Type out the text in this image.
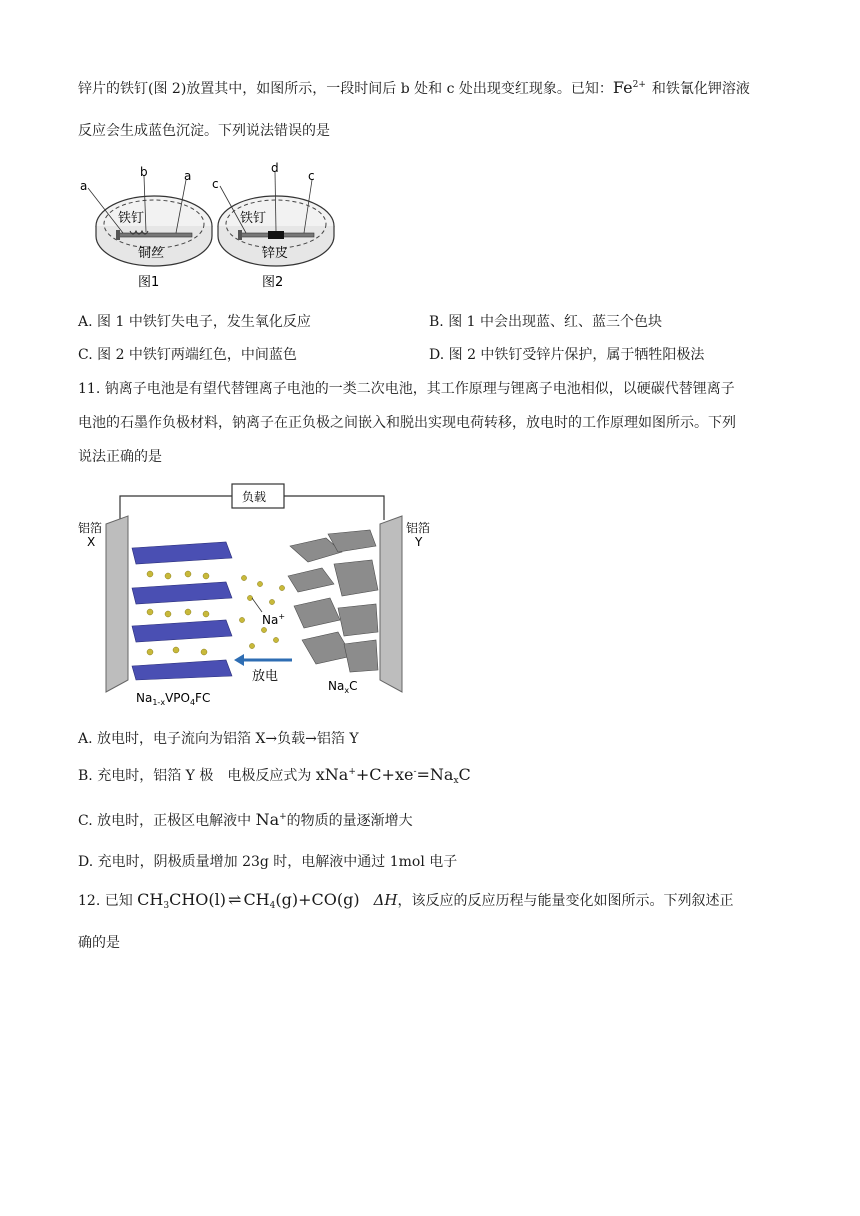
锌片的铁钉(图 2)放置其中，如图所示，一段时间后 b 处和 c 处出现变红现象。已知：$Fe^{2+}$ 和铁氰化钾溶液
反应会生成蓝色沉淀。下列说法错误的是
a
b	a
铁钉
铜丝
图1
c
d
c
铁钉
锌皮
图2
A. 图 1 中铁钉失电子，发生氧化反应	B. 图 1 中会出现蓝、红、蓝三个色块
C. 图 2 中铁钉两端红色，中间蓝色	D. 图 2 中铁钉受锌片保护，属于牺牲阳极法
11. 钠离子电池是有望代替锂离子电池的一类二次电池，其工作原理与锂离子电池相似，以硬碳代替锂离子
电池的石墨作负极材料，钠离子在正负极之间嵌入和脱出实现电荷转移，放电时的工作原理如图所示。下列
说法正确的是
负载
铝箔
X
铝箔
Y
Na+
放电
$Na_{1-x}VPO_4FC$
$Na_xC$
A. 放电时，电子流向为铝箔 X→负载→铝箔 Y
B. 充电时，铝箔 Y 极　电极反应式为 $xNa^++C+xe^-=Na_xC$
C. 放电时，正极区电解液中 Na+的物质的量逐渐增大
D. 充电时，阴极质量增加 23g 时，电解液中通过 1mol 电子
12. 已知 $CH_3CHO(l)$ ⇌ $CH_4(g)+CO(g)$ ΔH，该反应的反应历程与能量变化如图所示。下列叙述正
确的是
